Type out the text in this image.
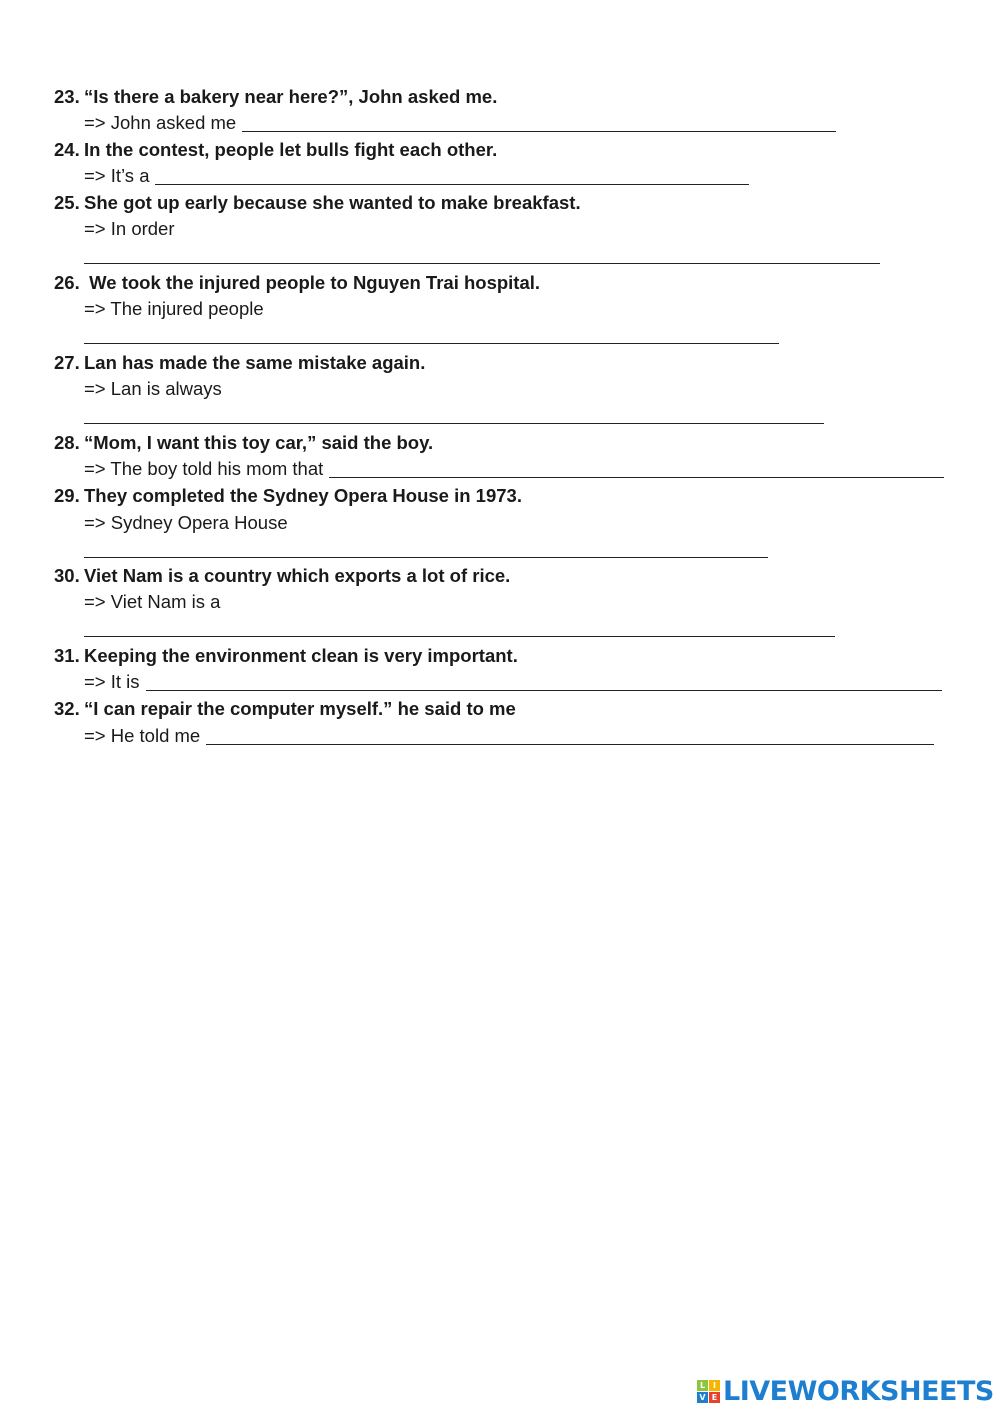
23. “Is there a bakery near here?”, John asked me.
=> John asked me
24. In the contest, people let bulls fight each other.
=> It’s a
25. She got up early because she wanted to make breakfast.
=> In order
26. We took the injured people to Nguyen Trai hospital.
=> The injured people
27. Lan has made the same mistake again.
=> Lan is always
28. “Mom, I want this toy car,” said the boy.
=> The boy told his mom that
29. They completed the Sydney Opera House in 1973.
=> Sydney Opera House
30. Viet Nam is a country which exports a lot of rice.
=> Viet Nam is a
31. Keeping the environment clean is very important.
=> It is
32. “I can repair the computer myself.” he said to me
=> He told me
L I
V E LIVEWORKSHEETS
